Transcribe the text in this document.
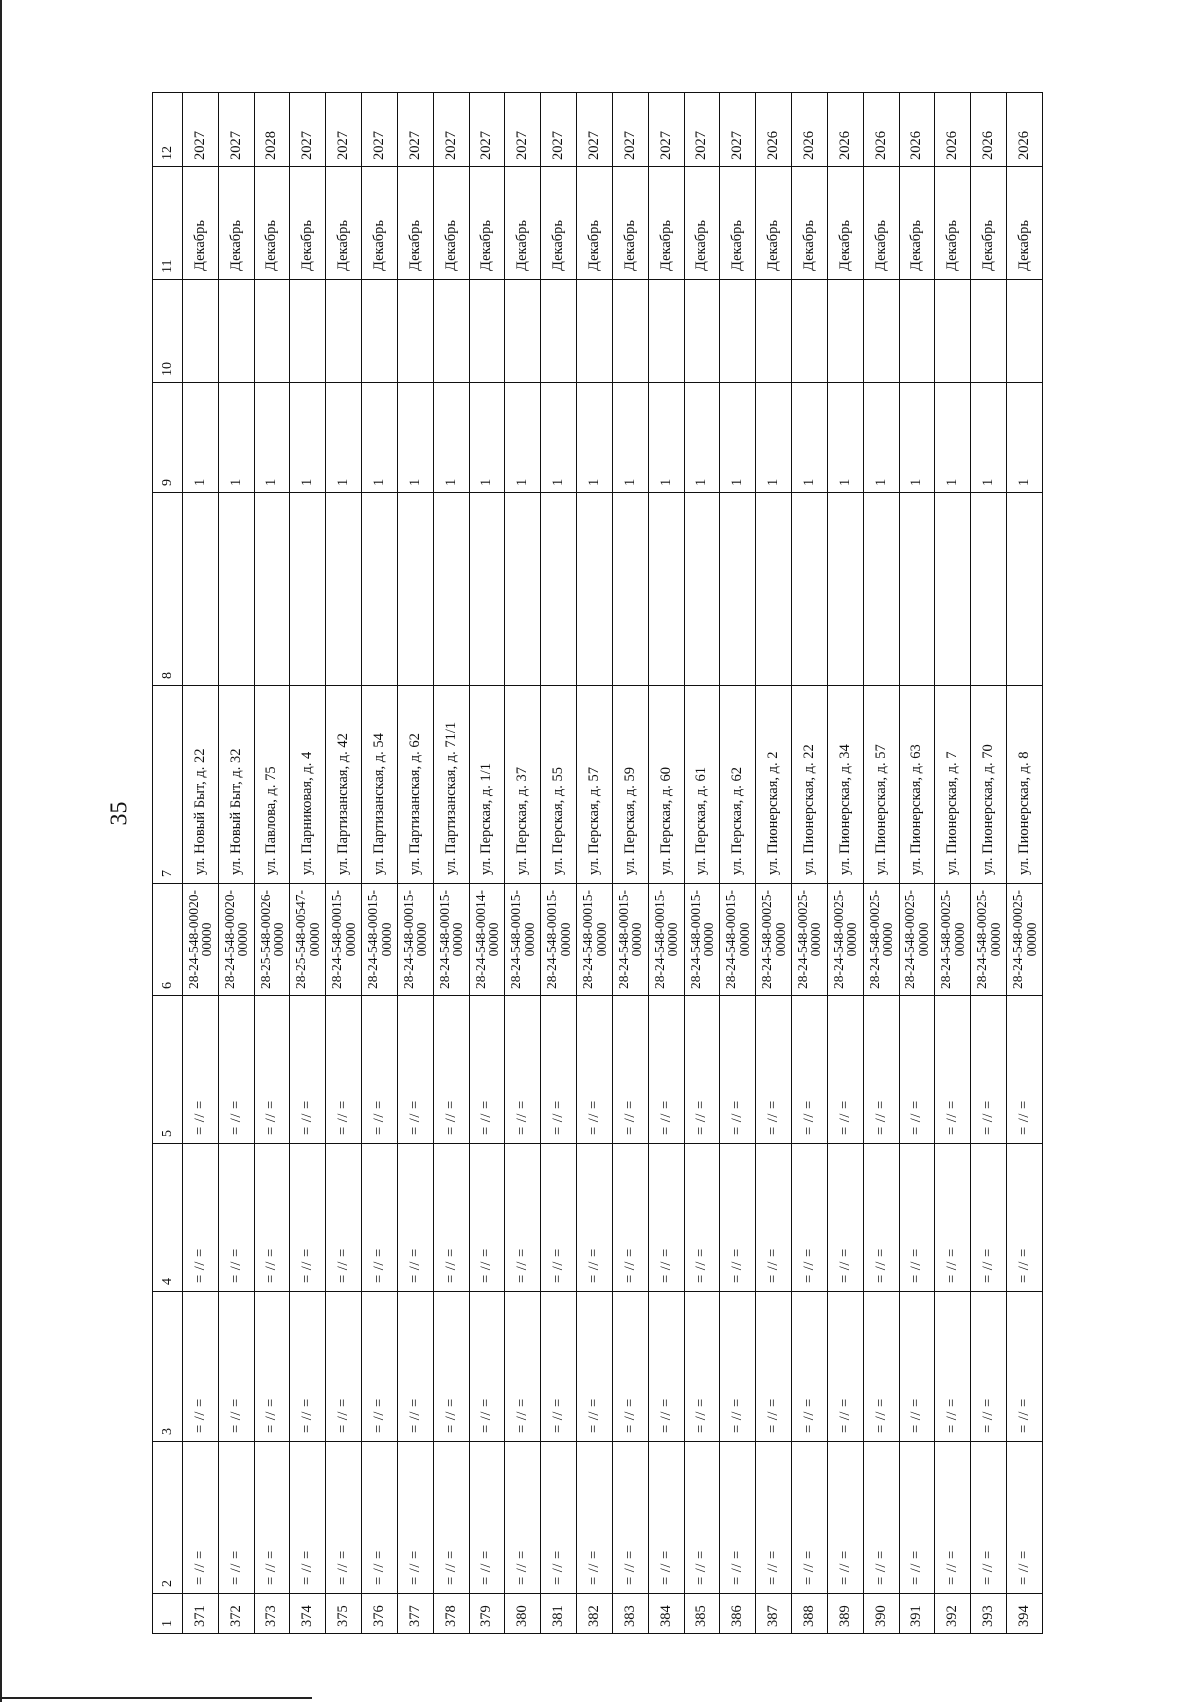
35
1	2	3	4	5	6	7	8	9	10	11	12
371	= // =	= // =	= // =	= // =	28-24-548-00020-00000	ул. Новый Быт, д. 22		1		Декабрь	2027
372	= // =	= // =	= // =	= // =	28-24-548-00020-00000	ул. Новый Быт, д. 32		1		Декабрь	2027
373	= // =	= // =	= // =	= // =	28-25-548-00026-00000	ул. Павлова, д. 75		1		Декабрь	2028
374	= // =	= // =	= // =	= // =	28-25-548-00547-00000	ул. Парниковая, д. 4		1		Декабрь	2027
375	= // =	= // =	= // =	= // =	28-24-548-00015-00000	ул. Партизанская, д. 42		1		Декабрь	2027
376	= // =	= // =	= // =	= // =	28-24-548-00015-00000	ул. Партизанская, д. 54		1		Декабрь	2027
377	= // =	= // =	= // =	= // =	28-24-548-00015-00000	ул. Партизанская, д. 62		1		Декабрь	2027
378	= // =	= // =	= // =	= // =	28-24-548-00015-00000	ул. Партизанская, д. 71/1		1		Декабрь	2027
379	= // =	= // =	= // =	= // =	28-24-548-00014-00000	ул. Перская, д. 1/1		1		Декабрь	2027
380	= // =	= // =	= // =	= // =	28-24-548-00015-00000	ул. Перская, д. 37		1		Декабрь	2027
381	= // =	= // =	= // =	= // =	28-24-548-00015-00000	ул. Перская, д. 55		1		Декабрь	2027
382	= // =	= // =	= // =	= // =	28-24-548-00015-00000	ул. Перская, д. 57		1		Декабрь	2027
383	= // =	= // =	= // =	= // =	28-24-548-00015-00000	ул. Перская, д. 59		1		Декабрь	2027
384	= // =	= // =	= // =	= // =	28-24-548-00015-00000	ул. Перская, д. 60		1		Декабрь	2027
385	= // =	= // =	= // =	= // =	28-24-548-00015-00000	ул. Перская, д. 61		1		Декабрь	2027
386	= // =	= // =	= // =	= // =	28-24-548-00015-00000	ул. Перская, д. 62		1		Декабрь	2027
387	= // =	= // =	= // =	= // =	28-24-548-00025-00000	ул. Пионерская, д. 2		1		Декабрь	2026
388	= // =	= // =	= // =	= // =	28-24-548-00025-00000	ул. Пионерская, д. 22		1		Декабрь	2026
389	= // =	= // =	= // =	= // =	28-24-548-00025-00000	ул. Пионерская, д. 34		1		Декабрь	2026
390	= // =	= // =	= // =	= // =	28-24-548-00025-00000	ул. Пионерская, д. 57		1		Декабрь	2026
391	= // =	= // =	= // =	= // =	28-24-548-00025-00000	ул. Пионерская, д. 63		1		Декабрь	2026
392	= // =	= // =	= // =	= // =	28-24-548-00025-00000	ул. Пионерская, д. 7		1		Декабрь	2026
393	= // =	= // =	= // =	= // =	28-24-548-00025-00000	ул. Пионерская, д. 70		1		Декабрь	2026
394	= // =	= // =	= // =	= // =	28-24-548-00025-00000	ул. Пионерская, д. 8		1		Декабрь	2026
